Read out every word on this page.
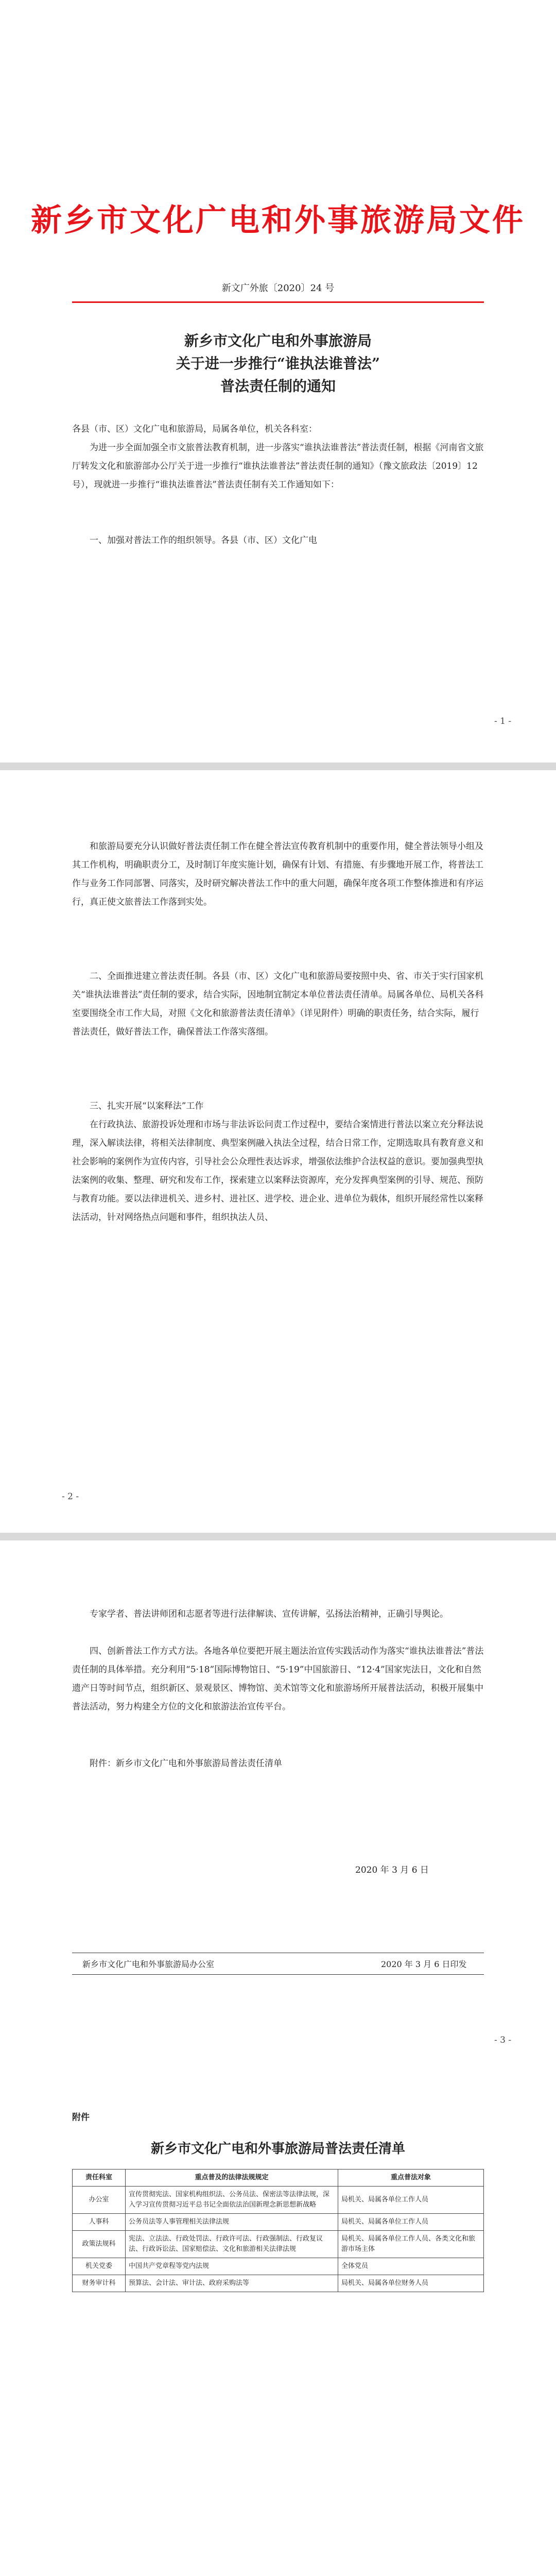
新乡市文化广电和外事旅游局文件
新文广外旅〔2020〕24 号

新乡市文化广电和外事旅游局

关于进一步推行“谁执法谁普法”

普法责任制的通知

各县（市、区）文化广电和旅游局，局属各单位，机关各科室：

为进一步全面加强全市文旅普法教育机制，进一步落实“谁执法谁普法”普法责任制，根据《河南省文旅厅转发文化和旅游部办公厅关于进一步推行“谁执法谁普法”普法责任制的通知》（豫文旅政法〔2019〕12 号），现就进一步推行“谁执法谁普法”普法责任制有关工作通知如下：

一、加强对普法工作的组织领导。各县（市、区）文化广电

- 1 -

和旅游局要充分认识做好普法责任制工作在健全普法宣传教育机制中的重要作用，健全普法领导小组及其工作机构，明确职责分工，及时制订年度实施计划，确保有计划、有措施、有步骤地开展工作，将普法工作与业务工作同部署、同落实，及时研究解决普法工作中的重大问题，确保年度各项工作整体推进和有序运行，真正使文旅普法工作落到实处。

二、全面推进建立普法责任制。各县（市、区）文化广电和旅游局要按照中央、省、市关于实行国家机关“谁执法谁普法”责任制的要求，结合实际，因地制宜制定本单位普法责任清单。局属各单位、局机关各科室要围绕全市工作大局，对照《文化和旅游普法责任清单》（详见附件）明确的职责任务，结合实际，履行普法责任，做好普法工作，确保普法工作落实落细。

三、扎实开展“以案释法”工作

在行政执法、旅游投诉处理和市场与非法诉讼问责工作过程中，要结合案情进行普法以案立充分释法说理，深入解读法律，将相关法律制度、典型案例融入执法全过程，结合日常工作，定期选取具有教育意义和社会影响的案例作为宣传内容，引导社会公众理性表达诉求，增强依法维护合法权益的意识。要加强典型执法案例的收集、整理、研究和发布工作，探索建立以案释法资源库，充分发挥典型案例的引导、规范、预防与教育功能。要以法律进机关、进乡村、进社区、进学校、进企业、进单位为载体，组织开展经常性以案释法活动，针对网络热点问题和事件，组织执法人员、

- 2 -

专家学者、普法讲师团和志愿者等进行法律解读、宣传讲解，弘扬法治精神，正确引导舆论。

四、创新普法工作方式方法。各地各单位要把开展主题法治宣传实践活动作为落实“谁执法谁普法”普法责任制的具体举措。充分利用“5·18”国际博物馆日、“5·19”中国旅游日、“12·4”国家宪法日，文化和自然遗产日等时间节点，组织新区、景观景区、博物馆、美术馆等文化和旅游场所开展普法活动，积极开展集中普法活动，努力构建全方位的文化和旅游法治宣传平台。

附件：新乡市文化广电和外事旅游局普法责任清单

2020 年 3 月 6 日
新乡市文化广电和外事旅游局办公室	2020 年 3 月 6 日印发
- 3 -
附件
新乡市文化广电和外事旅游局普法责任清单
责任科室	重点普及的法律法规规定	重点普法对象
办公室	宣传贯彻宪法、国家机构组织法、公务员法、保密法等法律法规，深入学习宣传贯彻习近平总书记全面依法治国新理念新思想新战略	局机关、局属各单位工作人员
人事科	公务员法等人事管理相关法律法规	局机关、局属各单位工作人员
政策法规科	宪法、立法法、行政处罚法、行政许可法、行政强制法、行政复议法、行政诉讼法、国家赔偿法、文化和旅游相关法律法规	局机关、局属各单位工作人员、各类文化和旅游市场主体
机关党委	中国共产党章程等党内法规	全体党员
财务审计科	预算法、会计法、审计法、政府采购法等	局机关、局属各单位财务人员
